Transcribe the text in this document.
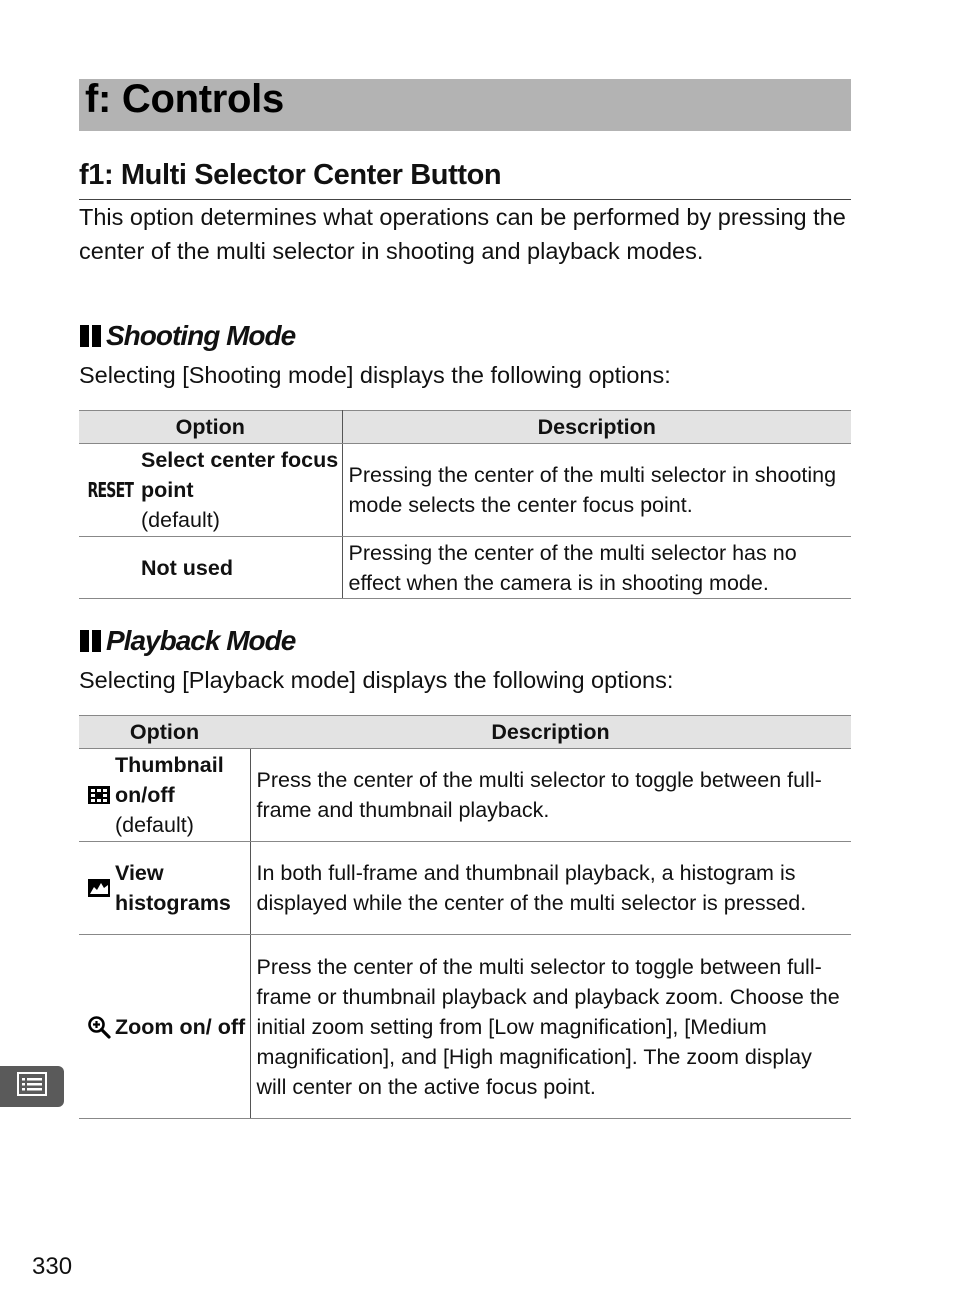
f: Controls
f1: Multi Selector Center Button

This option determines what operations can be performed by pressing the center of the multi selector in shooting and playback modes.

Shooting Mode

Selecting [Shooting mode] displays the following options:

Option	Description

RESET
Select center focus point
(default)	Pressing the center of the multi selector in shooting mode selects the center focus point.

Not used	Pressing the center of the multi selector has no effect when the camera is in shooting mode.
Playback Mode

Selecting [Playback mode] displays the following options:

Option	Description

Thumbnail on/off
(default)	Press the center of the multi selector to toggle between full-frame and thumbnail playback.

View histograms	In both full-frame and thumbnail playback, a histogram is displayed while the center of the multi selector is pressed.

Zoom on/ off	Press the center of the multi selector to toggle between full-frame or thumbnail playback and playback zoom. Choose the initial zoom setting from [Low magnification], [Medium magnification], and [High magnification]. The zoom display will center on the active focus point.
330
